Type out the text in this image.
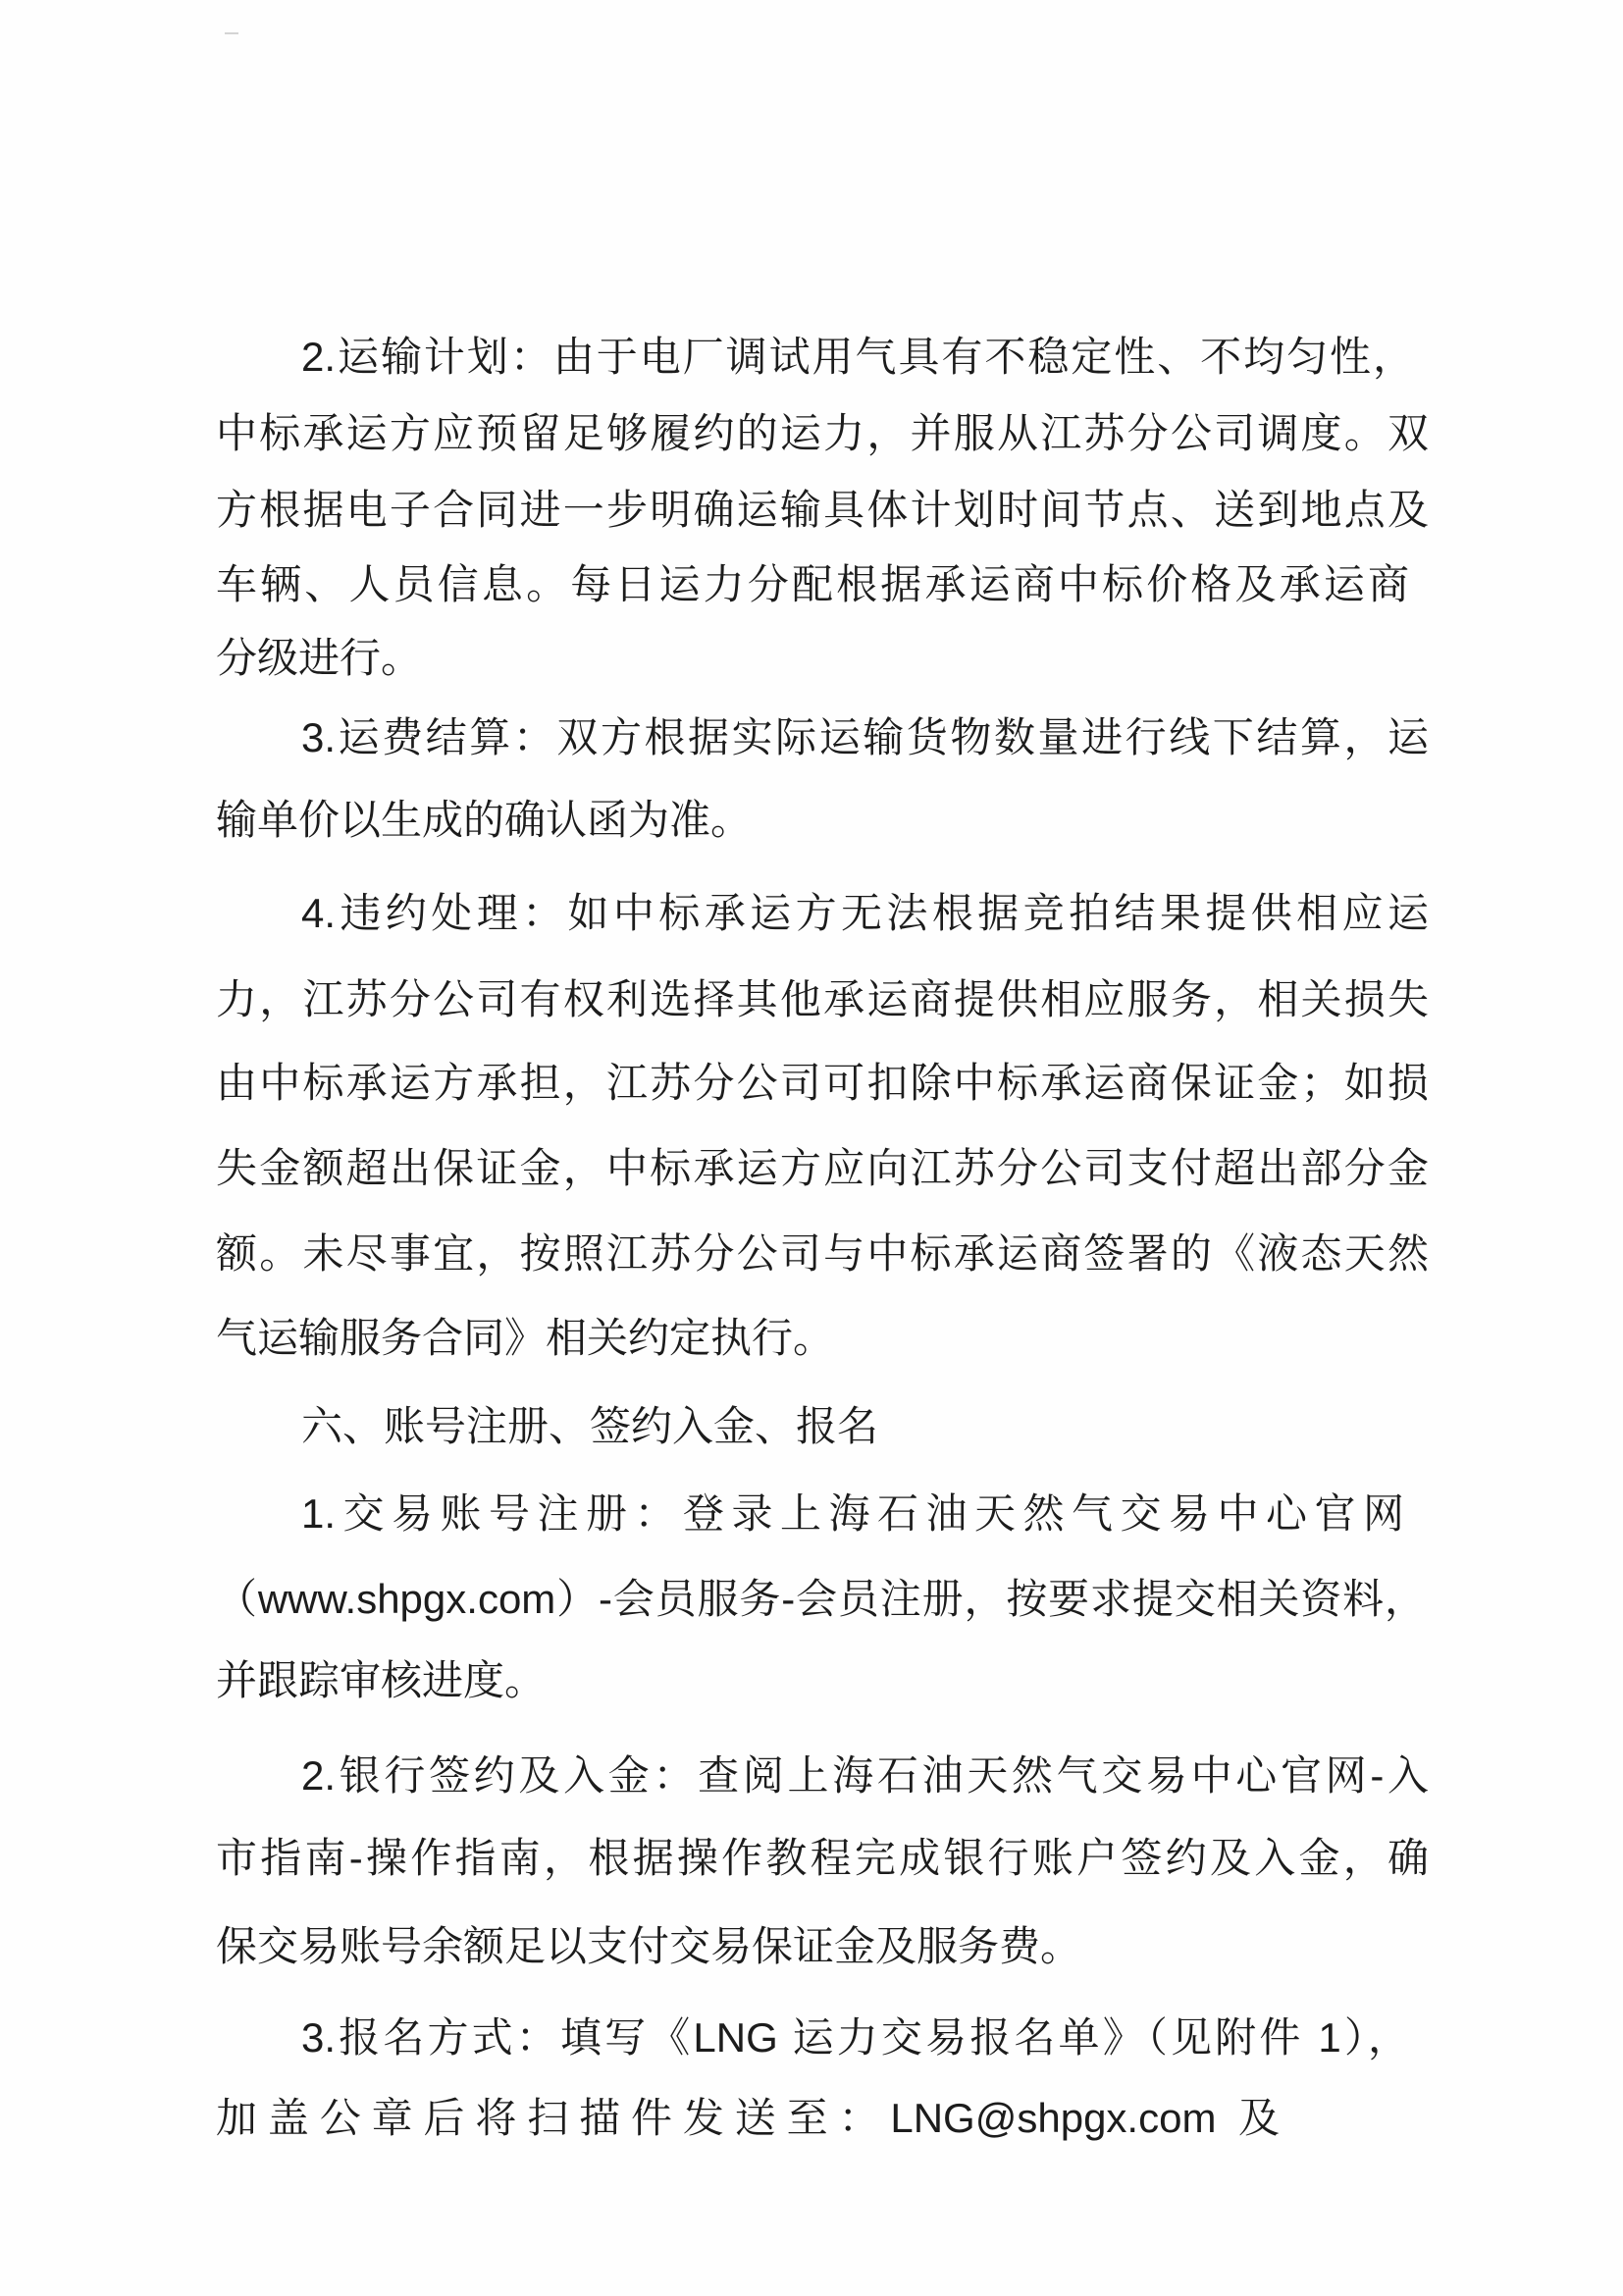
2.运输计划：由于电厂调试用气具有不稳定性、不均匀性，
中标承运方应预留足够履约的运力，并服从江苏分公司调度。双
方根据电子合同进一步明确运输具体计划时间节点、送到地点及
车辆、人员信息。每日运力分配根据承运商中标价格及承运商
分级进行。
3.运费结算：双方根据实际运输货物数量进行线下结算，运
输单价以生成的确认函为准。
4.违约处理：如中标承运方无法根据竞拍结果提供相应运
力，江苏分公司有权利选择其他承运商提供相应服务，相关损失
由中标承运方承担，江苏分公司可扣除中标承运商保证金；如损
失金额超出保证金，中标承运方应向江苏分公司支付超出部分金
额。未尽事宜，按照江苏分公司与中标承运商签署的《液态天然
气运输服务合同》相关约定执行。
六、账号注册、签约入金、报名
1.交易账号注册：登录上海石油天然气交易中心官网
（www.shpgx.com）-会员服务-会员注册，按要求提交相关资料，
并跟踪审核进度。
2.银行签约及入金：查阅上海石油天然气交易中心官网-入
市指南-操作指南，根据操作教程完成银行账户签约及入金，确
保交易账号余额足以支付交易保证金及服务费。
3.报名方式：填写《LNG 运力交易报名单》（见附件 1），
加盖公章后将扫描件发送至：LNG@shpgx.com 及
